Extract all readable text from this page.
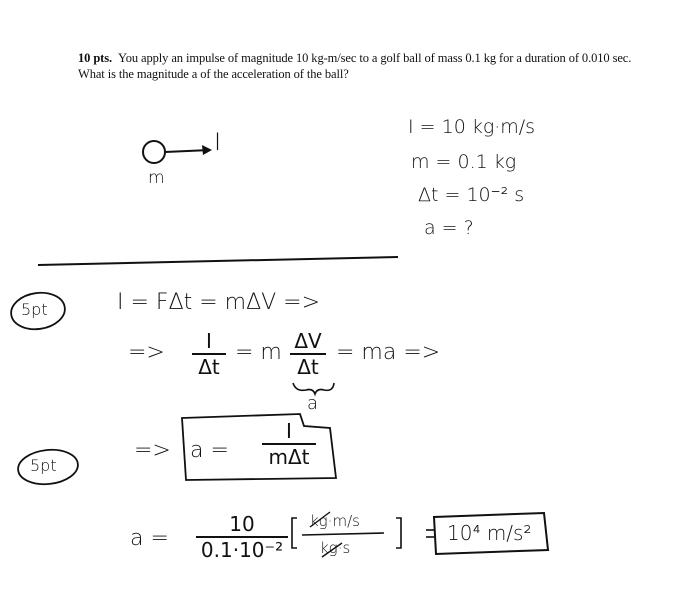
10 pts. You apply an impulse of magnitude 10 kg-m/sec to a golf ball of mass 0.1 kg for a duration of 0.010 sec. What is the magnitude a of the acceleration of the ball?
I
m
I = 10 kg·m/s
m = 0.1 kg
Δt = 10⁻² s
a = ?
5pt
5pt
I = FΔt = mΔV =>
=>	I
Δt
= m ΔV
Δt
= ma =>
a
=> a =
I
mΔt
a =
10
0.1·10⁻²
kg·m/s
kg·s
10⁴ m/s²
